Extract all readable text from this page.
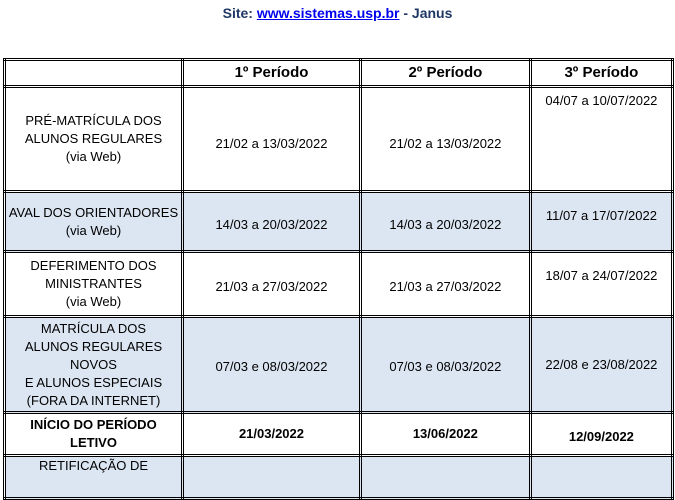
Site: www.sistemas.usp.br - Janus
	1º Período	2º Período	3º Período
PRÉ-MATRÍCULA DOS
ALUNOS REGULARES
(via Web)	21/02 a 13/03/2022	21/02 a 13/03/2022	04/07 a 10/07/2022
AVAL DOS ORIENTADORES
(via Web)	14/03 a 20/03/2022	14/03 a 20/03/2022	11/07 a 17/07/2022
DEFERIMENTO DOS
MINISTRANTES
(via Web)	21/03 a 27/03/2022	21/03 a 27/03/2022	18/07 a 24/07/2022
MATRÍCULA DOS
ALUNOS REGULARES
NOVOS
E ALUNOS ESPECIAIS
(FORA DA INTERNET)	07/03 e 08/03/2022	07/03 e 08/03/2022	22/08 e 23/08/2022
INÍCIO DO PERÍODO
LETIVO	21/03/2022	13/06/2022	12/09/2022
RETIFICAÇÃO DE			
